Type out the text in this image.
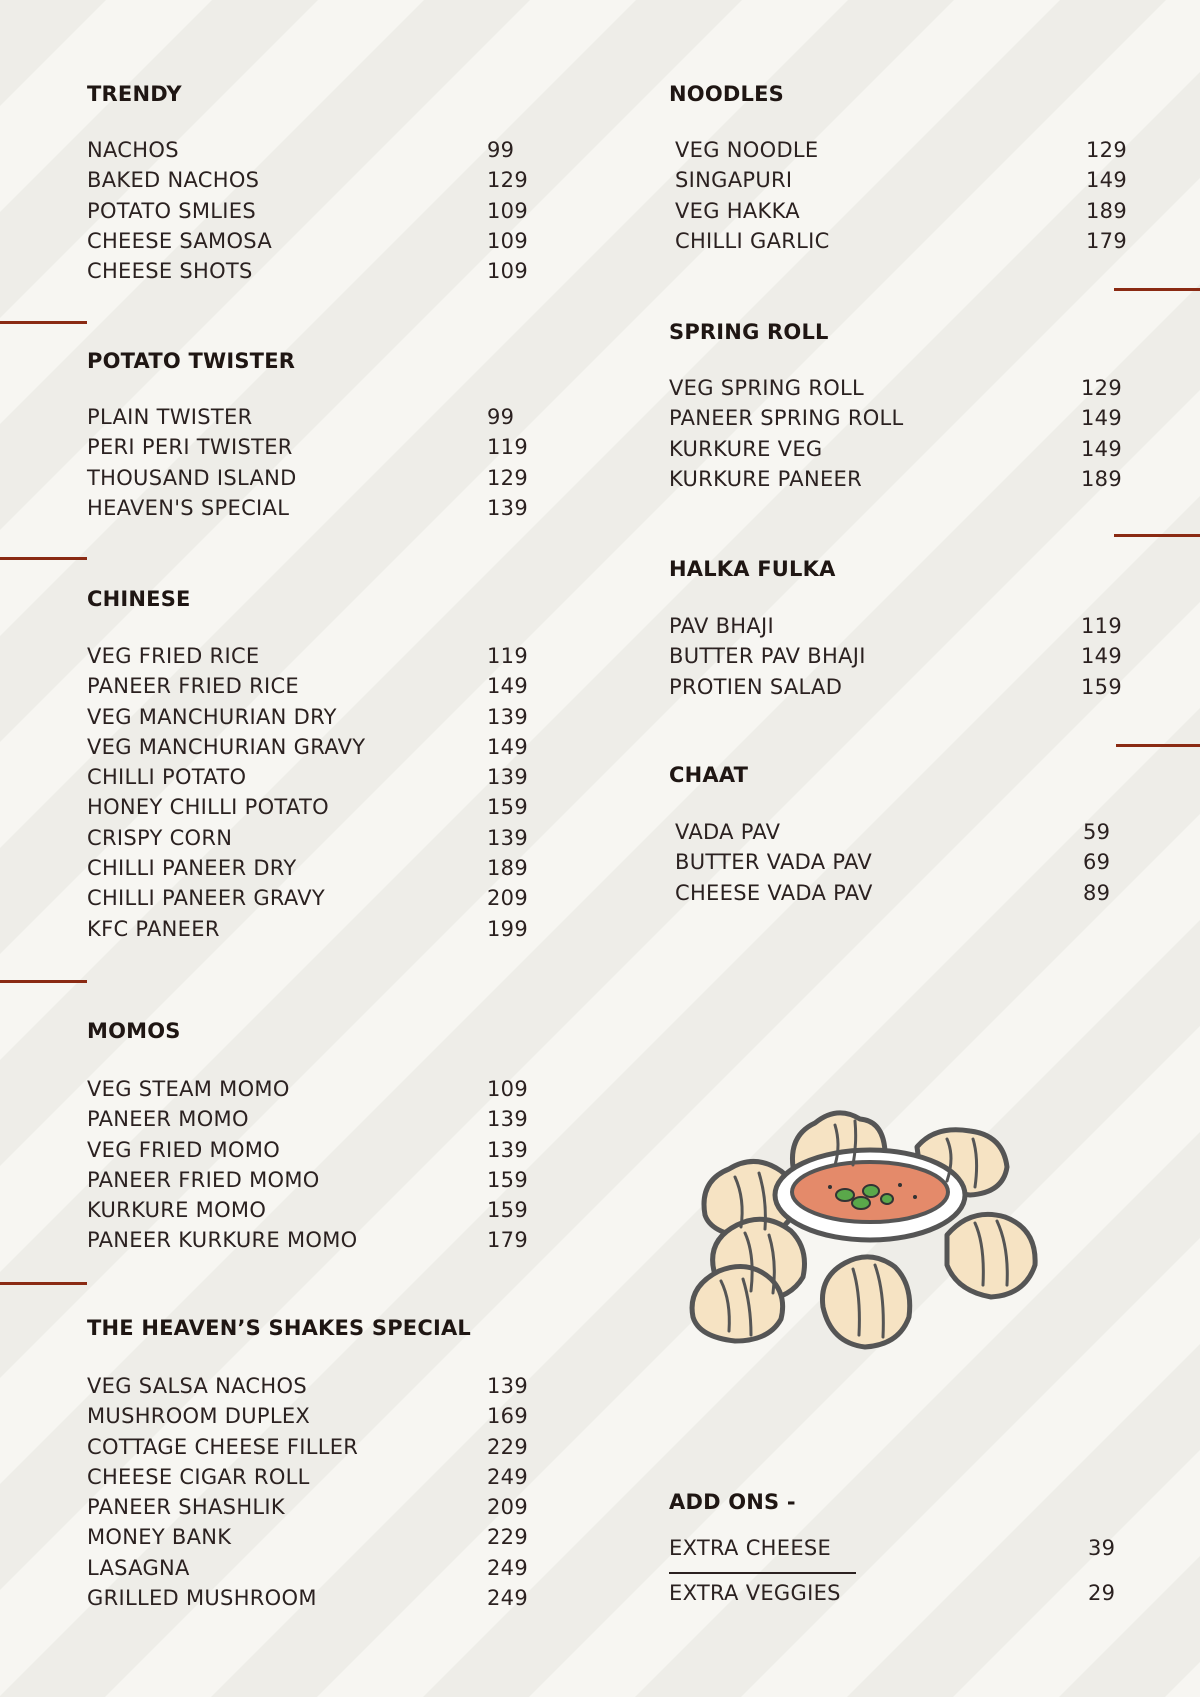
TRENDY
NACHOS	99
BAKED NACHOS	129
POTATO SMLIES	109
CHEESE SAMOSA	109
CHEESE SHOTS	109
POTATO TWISTER
PLAIN TWISTER	99
PERI PERI TWISTER	119
THOUSAND ISLAND	129
HEAVEN'S SPECIAL	139
CHINESE
VEG FRIED RICE	119
PANEER FRIED RICE	149
VEG MANCHURIAN DRY	139
VEG MANCHURIAN GRAVY	149
CHILLI POTATO	139
HONEY CHILLI POTATO	159
CRISPY CORN	139
CHILLI PANEER DRY	189
CHILLI PANEER GRAVY	209
KFC PANEER	199
MOMOS
VEG STEAM MOMO	109
PANEER MOMO	139
VEG FRIED MOMO	139
PANEER FRIED MOMO	159
KURKURE MOMO	159
PANEER KURKURE MOMO	179
THE HEAVEN’S SHAKES SPECIAL
VEG SALSA NACHOS	139
MUSHROOM DUPLEX	169
COTTAGE CHEESE FILLER	229
CHEESE CIGAR ROLL	249
PANEER SHASHLIK	209
MONEY BANK	229
LASAGNA	249
GRILLED MUSHROOM	249
NOODLES
VEG NOODLE	129
SINGAPURI	149
VEG HAKKA	189
CHILLI GARLIC	179
SPRING ROLL
VEG SPRING ROLL	129
PANEER SPRING ROLL	149
KURKURE VEG	149
KURKURE PANEER	189
HALKA FULKA
PAV BHAJI	119
BUTTER PAV BHAJI	149
PROTIEN SALAD	159
CHAAT
VADA PAV	59
BUTTER VADA PAV	69
CHEESE VADA PAV	89
ADD ONS -
EXTRA CHEESE	39
EXTRA VEGGIES	29
